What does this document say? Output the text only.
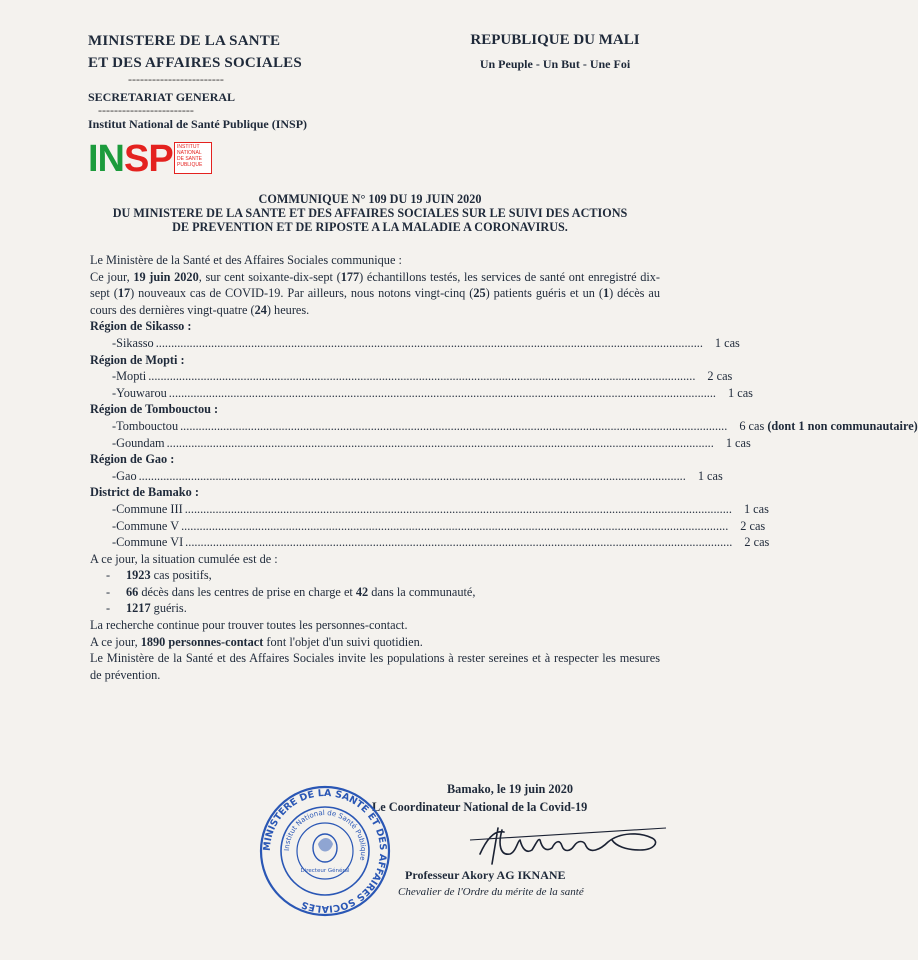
MINISTERE DE LA SANTE
ET DES AFFAIRES SOCIALES
------------------------
SECRETARIAT GENERAL
------------------------
Institut National de Santé Publique (INSP)
REPUBLIQUE DU MALI
Un Peuple - Un But - Une Foi
INSP INSTITUT NATIONAL DE SANTE PUBLIQUE
COMMUNIQUE N° 109 DU 19 JUIN 2020
DU MINISTERE DE LA SANTE ET DES AFFAIRES SOCIALES SUR LE SUIVI DES ACTIONS
DE PREVENTION ET DE RIPOSTE A LA MALADIE A CORONAVIRUS.

Le Ministère de la Santé et des Affaires Sociales communique :

Ce jour, 19 juin 2020, sur cent soixante-dix-sept (177) échantillons testés, les services de santé ont enregistré dix-sept (17) nouveaux cas de COVID-19. Par ailleurs, nous notons vingt-cinq (25) patients guéris et un (1) décès au cours des dernières vingt-quatre (24) heures.

Région de Sikasso :

- Sikasso .................................................................................................................................................................................. 1 cas

Région de Mopti :

- Mopti .................................................................................................................................................................................. 2 cas
- Youwarou .................................................................................................................................................................................. 1 cas

Région de Tombouctou :

- Tombouctou .................................................................................................................................................................................. 6 cas (dont 1 non communautaire)
- Goundam .................................................................................................................................................................................. 1 cas

Région de Gao :

- Gao .................................................................................................................................................................................. 1 cas

District de Bamako :

- Commune III .................................................................................................................................................................................. 1 cas
- Commune V .................................................................................................................................................................................. 2 cas
- Commune VI .................................................................................................................................................................................. 2 cas

A ce jour, la situation cumulée est de :

-	1923 cas positifs,
-	66 décès dans les centres de prise en charge et 42 dans la communauté,
-	1217 guéris.

La recherche continue pour trouver toutes les personnes-contact.

A ce jour, 1890 personnes-contact font l'objet d'un suivi quotidien.

Le Ministère de la Santé et des Affaires Sociales invite les populations à rester sereines et à respecter les mesures de prévention.

Bamako, le 19 juin 2020
Le Coordinateur National de la Covid-19
Professeur Akory AG IKNANE
Chevalier de l'Ordre du mérite de la santé
MINISTERE DE LA SANTÉ ET DES AFFAIRES SOCIALES
Institut National de Santé Publique
Directeur Général
